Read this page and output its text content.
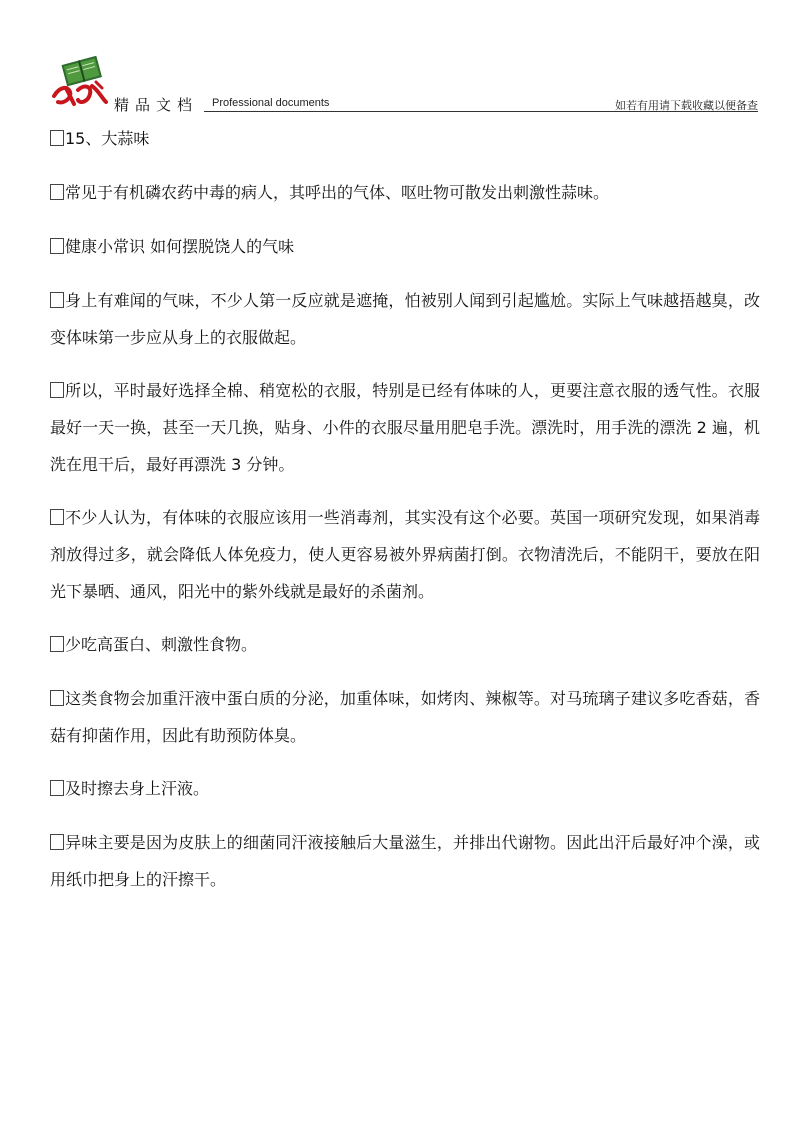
精品文档 Professional documents	如若有用请下载收藏以便备查

15、大蒜味

常见于有机磷农药中毒的病人，其呼出的气体、呕吐物可散发出刺激性蒜味。

健康小常识 如何摆脱饶人的气味

身上有难闻的气味，不少人第一反应就是遮掩，怕被别人闻到引起尴尬。实际上气味越捂越臭，改变体味第一步应从身上的衣服做起。

所以，平时最好选择全棉、稍宽松的衣服，特别是已经有体味的人，更要注意衣服的透气性。衣服最好一天一换，甚至一天几换，贴身、小件的衣服尽量用肥皂手洗。漂洗时，用手洗的漂洗 2 遍，机洗在甩干后，最好再漂洗 3 分钟。

不少人认为，有体味的衣服应该用一些消毒剂，其实没有这个必要。英国一项研究发现，如果消毒剂放得过多，就会降低人体免疫力，使人更容易被外界病菌打倒。衣物清洗后，不能阴干，要放在阳光下暴晒、通风，阳光中的紫外线就是最好的杀菌剂。

少吃高蛋白、刺激性食物。

这类食物会加重汗液中蛋白质的分泌，加重体味，如烤肉、辣椒等。对马琉璃子建议多吃香菇，香菇有抑菌作用，因此有助预防体臭。

及时擦去身上汗液。

异味主要是因为皮肤上的细菌同汗液接触后大量滋生，并排出代谢物。因此出汗后最好冲个澡，或用纸巾把身上的汗擦干。
